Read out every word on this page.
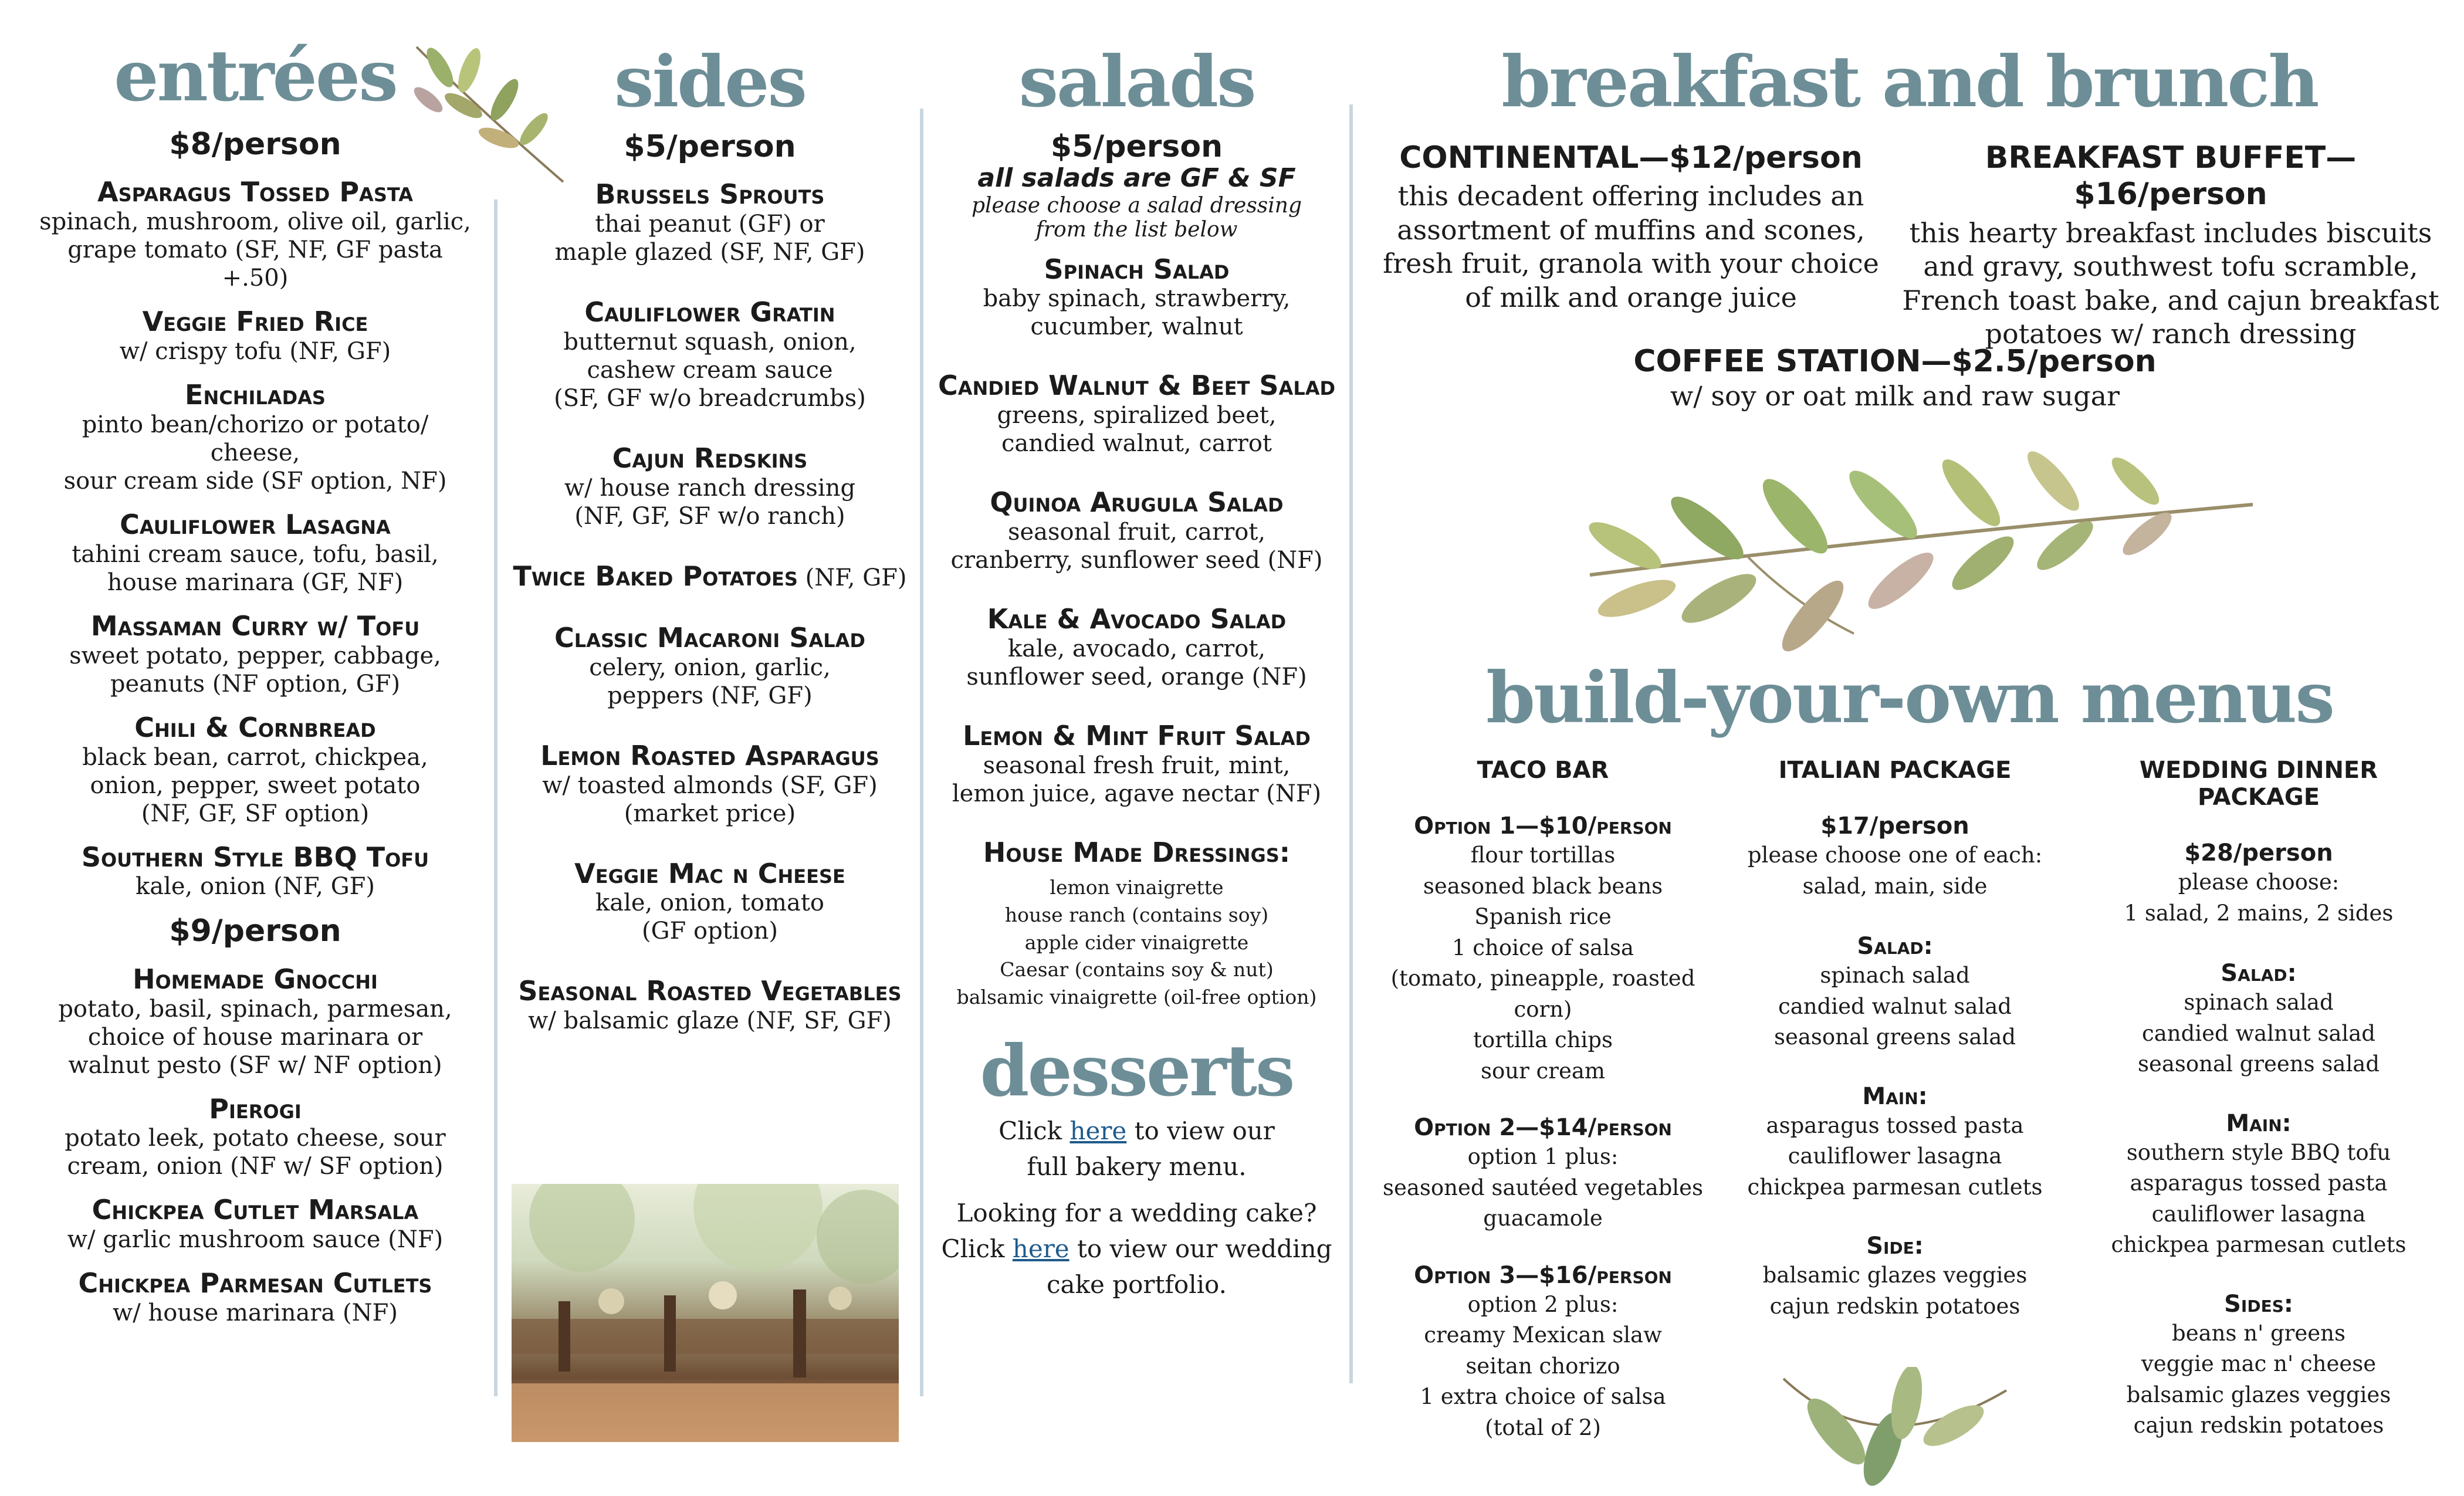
entrées
$8/person
Asparagus Tossed Pasta
spinach, mushroom, olive oil, garlic,
grape tomato (SF, NF, GF pasta
+.50)
Veggie Fried Rice
w/ crispy tofu (NF, GF)
Enchiladas
pinto bean/chorizo or potato/
cheese,
sour cream side (SF option, NF)
Cauliflower Lasagna
tahini cream sauce, tofu, basil,
house marinara (GF, NF)
Massaman Curry w/ Tofu
sweet potato, pepper, cabbage,
peanuts (NF option, GF)
Chili & Cornbread
black bean, carrot, chickpea,
onion, pepper, sweet potato
(NF, GF, SF option)
Southern Style BBQ Tofu
kale, onion (NF, GF)
$9/person
Homemade Gnocchi
potato, basil, spinach, parmesan,
choice of house marinara or
walnut pesto (SF w/ NF option)
Pierogi
potato leek, potato cheese, sour
cream, onion (NF w/ SF option)
Chickpea Cutlet Marsala
w/ garlic mushroom sauce (NF)
Chickpea Parmesan Cutlets
w/ house marinara (NF)
sides
$5/person
Brussels Sprouts
thai peanut (GF) or
maple glazed (SF, NF, GF)
Cauliflower Gratin
butternut squash, onion,
cashew cream sauce
(SF, GF w/o breadcrumbs)
Cajun Redskins
w/ house ranch dressing
(NF, GF, SF w/o ranch)
Twice Baked Potatoes (NF, GF)
Classic Macaroni Salad
celery, onion, garlic,
peppers (NF, GF)
Lemon Roasted Asparagus
w/ toasted almonds (SF, GF)
(market price)
Veggie Mac n Cheese
kale, onion, tomato
(GF option)
Seasonal Roasted Vegetables
w/ balsamic glaze (NF, SF, GF)
salads
$5/person
all salads are GF & SF
please choose a salad dressing
from the list below
Spinach Salad
baby spinach, strawberry,
cucumber, walnut
Candied Walnut & Beet Salad
greens, spiralized beet,
candied walnut, carrot
Quinoa Arugula Salad
seasonal fruit, carrot,
cranberry, sunflower seed (NF)
Kale & Avocado Salad
kale, avocado, carrot,
sunflower seed, orange (NF)
Lemon & Mint Fruit Salad
seasonal fresh fruit, mint,
lemon juice, agave nectar (NF)
House Made Dressings:
lemon vinaigrette
house ranch (contains soy)
apple cider vinaigrette
Caesar (contains soy & nut)
balsamic vinaigrette (oil-free option)
desserts
Click here to view our
full bakery menu.
Looking for a wedding cake?
Click here to view our wedding
cake portfolio.
breakfast and brunch
CONTINENTAL—$12/person
this decadent offering includes an
assortment of muffins and scones,
fresh fruit, granola with your choice
of milk and orange juice
BREAKFAST BUFFET—$16/person
this hearty breakfast includes biscuits
and gravy, southwest tofu scramble,
French toast bake, and cajun breakfast
potatoes w/ ranch dressing
COFFEE STATION—$2.5/person
w/ soy or oat milk and raw sugar
build-your-own menus
TACO BAR
Option 1—$10/person
flour tortillas
seasoned black beans
Spanish rice
1 choice of salsa
(tomato, pineapple, roasted
corn)
tortilla chips
sour cream
Option 2—$14/person
option 1 plus:
seasoned sautéed vegetables
guacamole
Option 3—$16/person
option 2 plus:
creamy Mexican slaw
seitan chorizo
1 extra choice of salsa
(total of 2)
ITALIAN PACKAGE
$17/person
please choose one of each:
salad, main, side
Salad:
spinach salad
candied walnut salad
seasonal greens salad
Main:
asparagus tossed pasta
cauliflower lasagna
chickpea parmesan cutlets
Side:
balsamic glazes veggies
cajun redskin potatoes
WEDDING DINNER PACKAGE
$28/person
please choose:
1 salad, 2 mains, 2 sides
Salad:
spinach salad
candied walnut salad
seasonal greens salad
Main:
southern style BBQ tofu
asparagus tossed pasta
cauliflower lasagna
chickpea parmesan cutlets
Sides:
beans n' greens
veggie mac n' cheese
balsamic glazes veggies
cajun redskin potatoes
